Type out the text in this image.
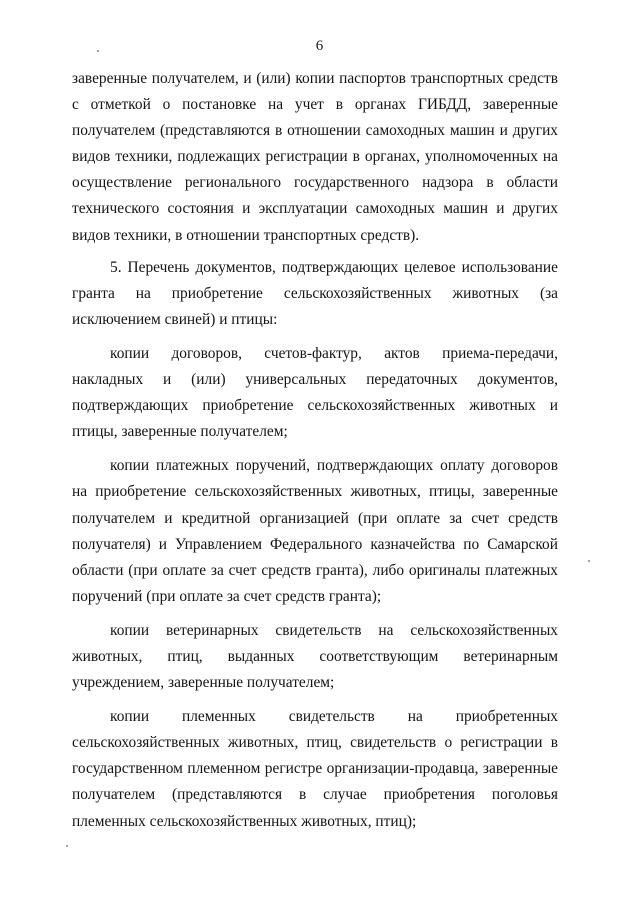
6

заверенные получателем, и (или) копии паспортов транспортных средств с отметкой о постановке на учет в органах ГИБДД, заверенные получателем (представляются в отношении самоходных машин и других видов техники, подлежащих регистрации в органах, уполномоченных на осуществление регионального государственного надзора в области технического состояния и эксплуатации самоходных машин и других видов техники, в отношении транспортных средств).

5. Перечень документов, подтверждающих целевое использование гранта на приобретение сельскохозяйственных животных (за исключением свиней) и птицы:

копии договоров, счетов-фактур, актов приема-передачи, накладных и (или) универсальных передаточных документов, подтверждающих приобретение сельскохозяйственных животных и птицы, заверенные получателем;

копии платежных поручений, подтверждающих оплату договоров на приобретение сельскохозяйственных животных, птицы, заверенные получателем и кредитной организацией (при оплате за счет средств получателя) и Управлением Федерального казначейства по Самарской области (при оплате за счет средств гранта), либо оригиналы платежных поручений (при оплате за счет средств гранта);

копии ветеринарных свидетельств на сельскохозяйственных животных, птиц, выданных соответствующим ветеринарным учреждением, заверенные получателем;

копии племенных свидетельств на приобретенных сельскохозяйственных животных, птиц, свидетельств о регистрации в государственном племенном регистре организации-продавца, заверенные получателем (представляются в случае приобретения поголовья племенных сельскохозяйственных животных, птиц);
